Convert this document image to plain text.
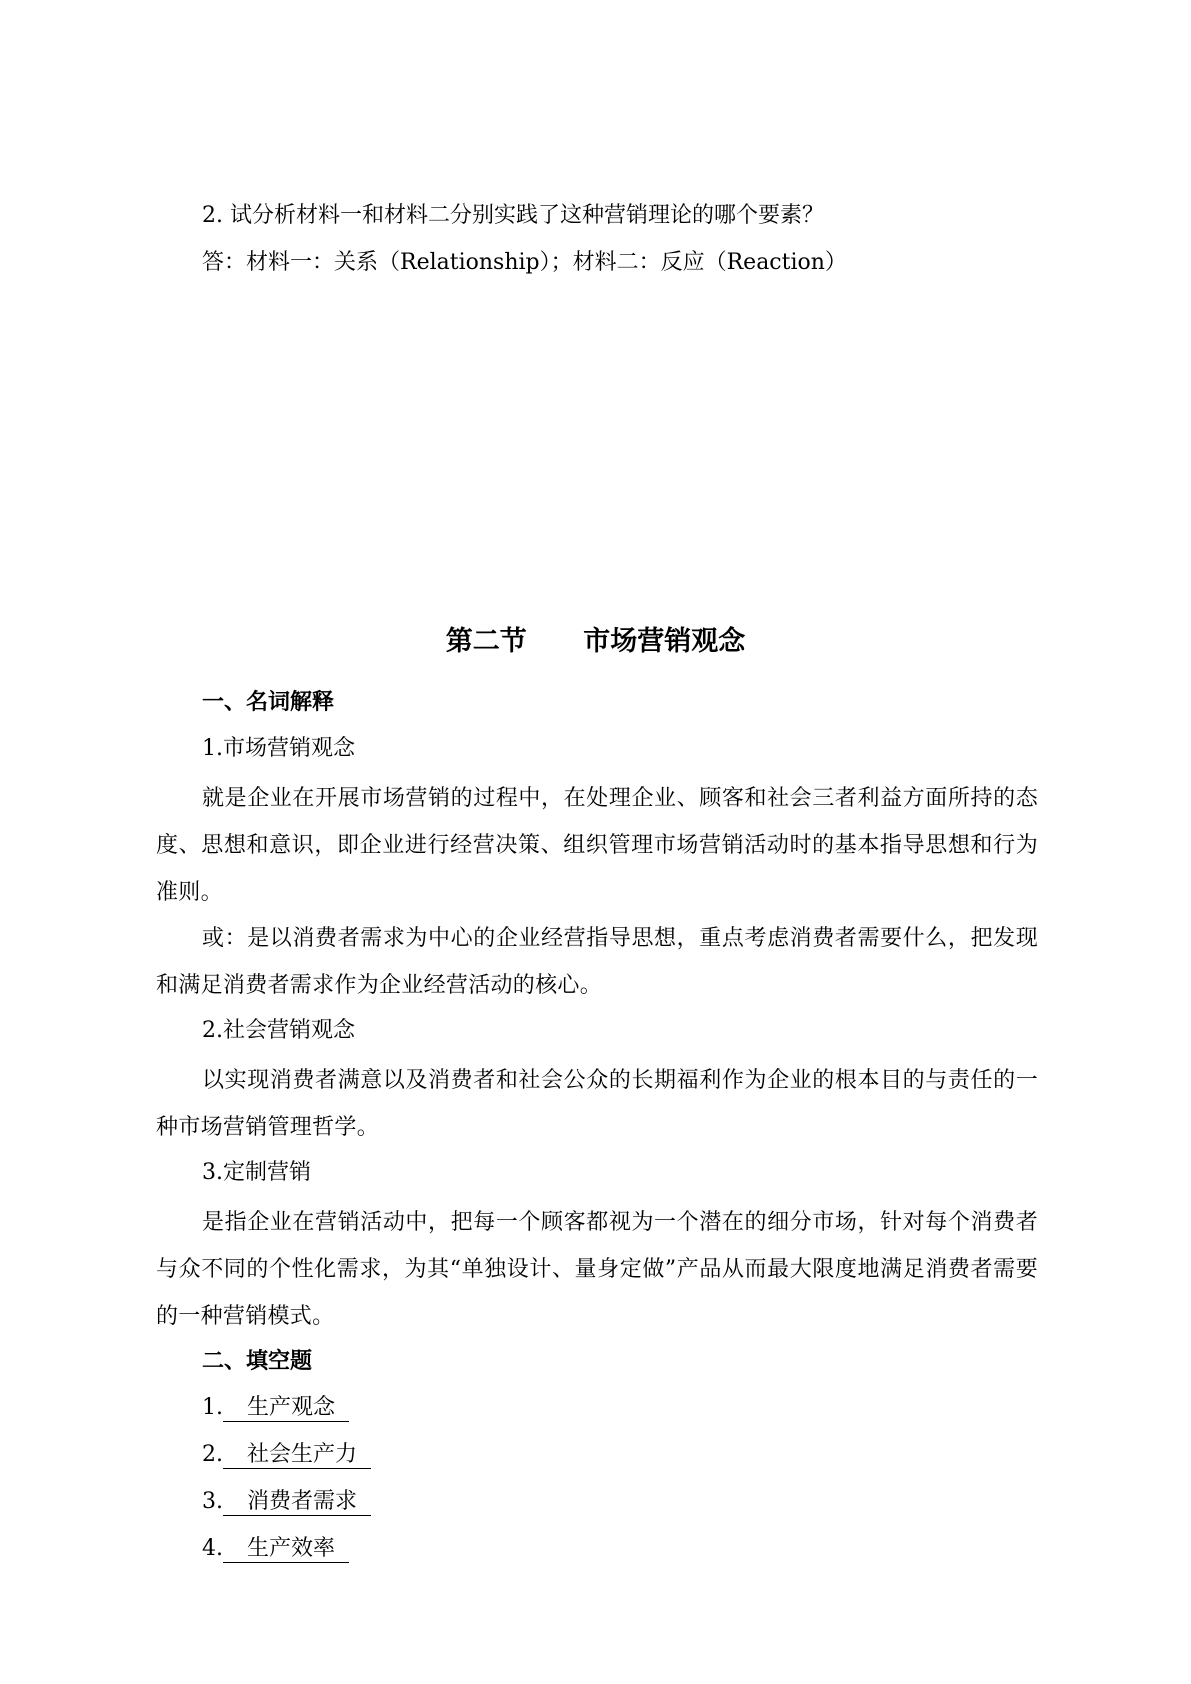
2. 试分析材料一和材料二分别实践了这种营销理论的哪个要素？
答：材料一：关系（Relationship）；材料二：反应（Reaction）
第二节      市场营销观念
一、名词解释
1.市场营销观念
就是企业在开展市场营销的过程中，在处理企业、顾客和社会三者利益方面所持的态度、思想和意识，即企业进行经营决策、组织管理市场营销活动时的基本指导思想和行为准则。
或：是以消费者需求为中心的企业经营指导思想，重点考虑消费者需要什么，把发现和满足消费者需求作为企业经营活动的核心。
2.社会营销观念
以实现消费者满意以及消费者和社会公众的长期福利作为企业的根本目的与责任的一种市场营销管理哲学。
3.定制营销
是指企业在营销活动中，把每一个顾客都视为一个潜在的细分市场，针对每个消费者与众不同的个性化需求，为其“单独设计、量身定做”产品从而最大限度地满足消费者需要的一种营销模式。
二、填空题
1. 生产观念
2. 社会生产力
3. 消费者需求
4. 生产效率
